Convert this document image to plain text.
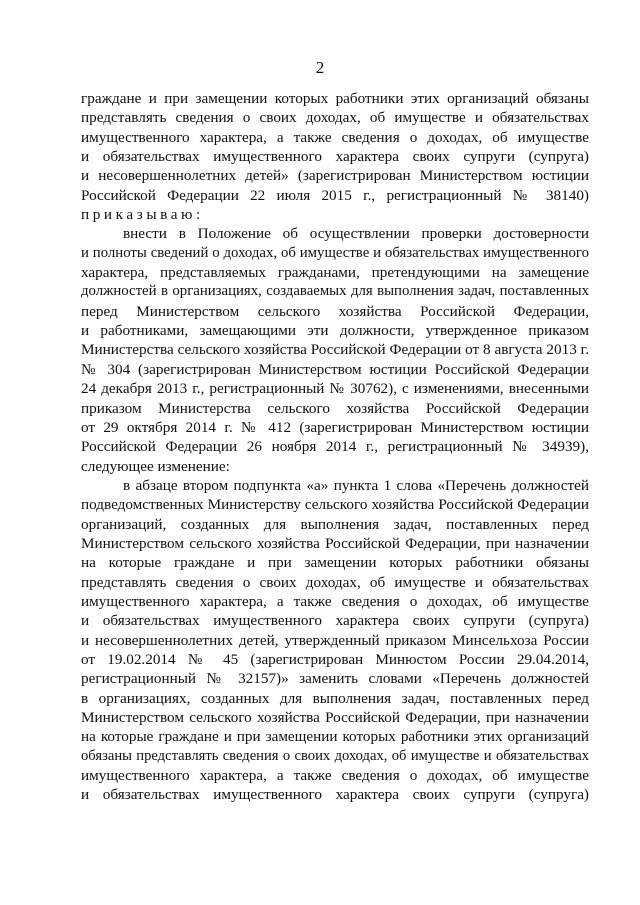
2
граждане и при замещении которых работники этих организаций обязаны
представлять сведения о своих доходах, об имуществе и обязательствах
имущественного характера, а также сведения о доходах, об имуществе
и обязательствах имущественного характера своих супруги (супруга)
и несовершеннолетних детей» (зарегистрирован Министерством юстиции
Российской Федерации 22 июля 2015 г., регистрационный № 38140)
приказываю:
внести в Положение об осуществлении проверки достоверности
и полноты сведений о доходах, об имуществе и обязательствах имущественного
характера, представляемых гражданами, претендующими на замещение
должностей в организациях, создаваемых для выполнения задач, поставленных
перед Министерством сельского хозяйства Российской Федерации,
и работниками, замещающими эти должности, утвержденное приказом
Министерства сельского хозяйства Российской Федерации от 8 августа 2013 г.
№ 304 (зарегистрирован Министерством юстиции Российской Федерации
24 декабря 2013 г., регистрационный № 30762), с изменениями, внесенными
приказом Министерства сельского хозяйства Российской Федерации
от 29 октября 2014 г. № 412 (зарегистрирован Министерством юстиции
Российской Федерации 26 ноября 2014 г., регистрационный № 34939),
следующее изменение:
в абзаце втором подпункта «а» пункта 1 слова «Перечень должностей
подведомственных Министерству сельского хозяйства Российской Федерации
организаций, созданных для выполнения задач, поставленных перед
Министерством сельского хозяйства Российской Федерации, при назначении
на которые граждане и при замещении которых работники обязаны
представлять сведения о своих доходах, об имуществе и обязательствах
имущественного характера, а также сведения о доходах, об имуществе
и обязательствах имущественного характера своих супруги (супруга)
и несовершеннолетних детей, утвержденный приказом Минсельхоза России
от 19.02.2014 № 45 (зарегистрирован Минюстом России 29.04.2014,
регистрационный № 32157)» заменить словами «Перечень должностей
в организациях, созданных для выполнения задач, поставленных перед
Министерством сельского хозяйства Российской Федерации, при назначении
на которые граждане и при замещении которых работники этих организаций
обязаны представлять сведения о своих доходах, об имуществе и обязательствах
имущественного характера, а также сведения о доходах, об имуществе
и обязательствах имущественного характера своих супруги (супруга)
